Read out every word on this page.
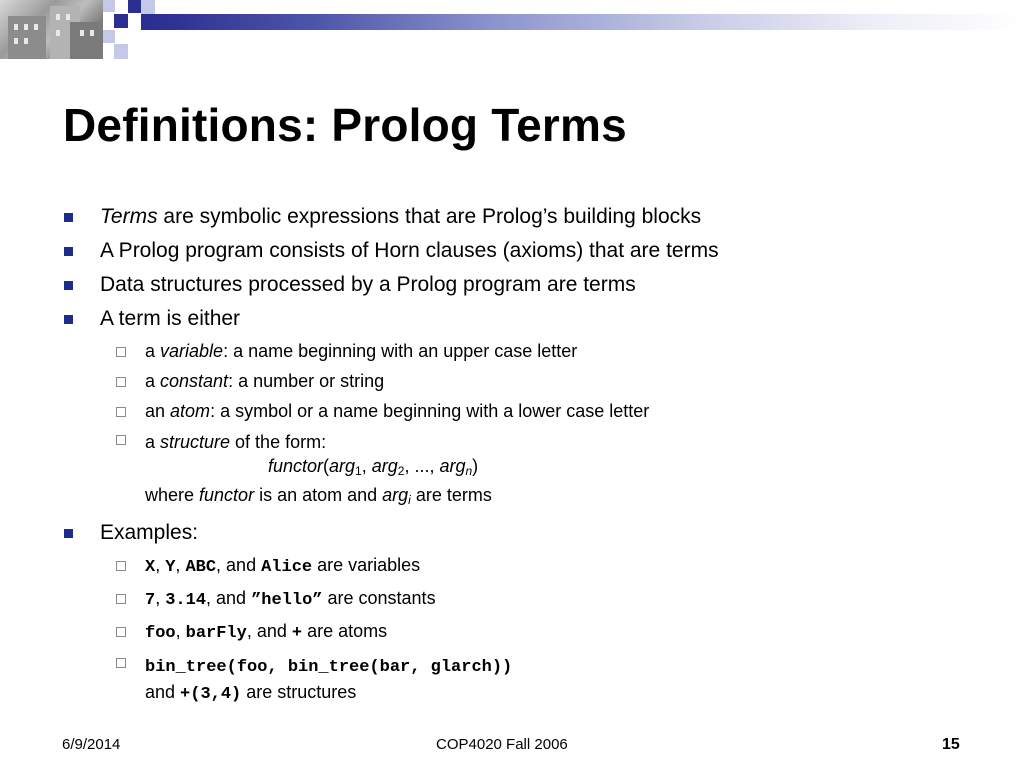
Definitions: Prolog Terms
Terms are symbolic expressions that are Prolog’s building blocks
A Prolog program consists of Horn clauses (axioms) that are terms
Data structures processed by a Prolog program are terms
A term is either
a variable: a name beginning with an upper case letter
a constant: a number or string
an atom: a symbol or a name beginning with a lower case letter
a structure of the form:
functor(arg$_1$, arg$_2$, ..., arg$_n$)
where functor is an atom and arg$_i$ are terms
Examples:
X, Y, ABC, and Alice are variables
7, 3.14, and ”hello” are constants
foo, barFly, and + are atoms
bin_tree(foo, bin_tree(bar, glarch))
and +(3,4) are structures
6/9/2014	COP4020 Fall 2006	15
